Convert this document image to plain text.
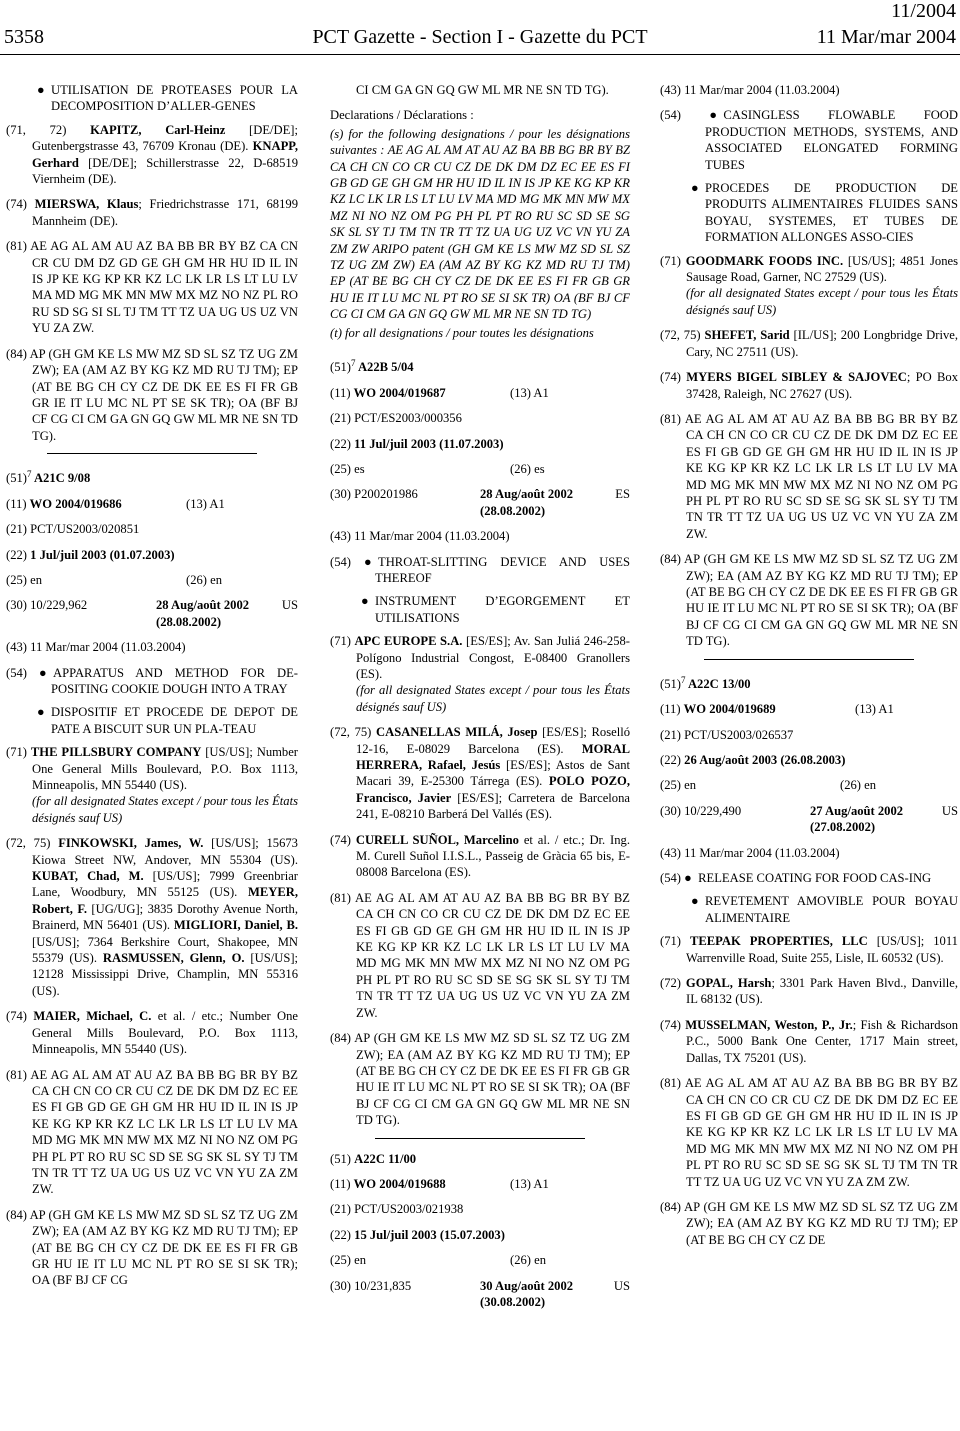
11/2004
5358	PCT Gazette - Section I - Gazette du PCT	11 Mar/mar 2004

● UTILISATION DE PROTEASES POUR LA DECOMPOSITION D’ALLER-GENES

(71, 72) KAPITZ, Carl-Heinz [DE/DE]; Gutenbergstrasse 43, 76709 Kronau (DE). KNAPP, Gerhard [DE/DE]; Schillerstrasse 22, D-68519 Viernheim (DE).

(74) MIERSWA, Klaus; Friedrichstrasse 171, 68199 Mannheim (DE).

(81) AE AG AL AM AU AZ BA BB BR BY BZ CA CN CR CU DM DZ GD GE GH GM HR HU ID IL IN IS JP KE KG KP KR KZ LC LK LR LS LT LU LV MA MD MG MK MN MW MX MZ NO NZ PL RO RU SD SG SI SL TJ TM TT TZ UA UG US UZ VN YU ZA ZW.

(84) AP (GH GM KE LS MW MZ SD SL SZ TZ UG ZM ZW); EA (AM AZ BY KG KZ MD RU TJ TM); EP (AT BE BG CH CY CZ DE DK EE ES FI FR GB GR IE IT LU MC NL PT SE SK TR); OA (BF BJ CF CG CI CM GA GN GQ GW ML MR NE SN TD TG).

$(51)^7$ A21C 9/08

(11) WO 2004/019686	(13) A1

(21) PCT/US2003/020851

(22) 1 Jul/juil 2003 (01.07.2003)

(25) en	(26) en
(30) 10/229,962	28 Aug/août 2002 (28.08.2002)
US

(43) 11 Mar/mar 2004 (11.03.2004)

(54) ● APPARATUS AND METHOD FOR DE-POSITING COOKIE DOUGH INTO A TRAY

● DISPOSITIF ET PROCEDE DE DEPOT DE PATE A BISCUIT SUR UN PLA-TEAU

(71) THE PILLSBURY COMPANY [US/US]; Number One General Mills Boulevard, P.O. Box 1113, Minneapolis, MN 55440 (US).
(for all designated States except / pour tous les États désignés sauf US)

(72, 75) FINKOWSKI, James, W. [US/US]; 15673 Kiowa Street NW, Andover, MN 55304 (US). KUBAT, Chad, M. [US/US]; 7999 Greenbriar Lane, Woodbury, MN 55125 (US). MEYER, Robert, F. [UG/UG]; 3835 Dorothy Avenue North, Brainerd, MN 56401 (US). MIGLIORI, Daniel, B. [US/US]; 7364 Berkshire Court, Shakopee, MN 55379 (US). RASMUSSEN, Glenn, O. [US/US]; 12128 Mississippi Drive, Champlin, MN 55316 (US).

(74) MAIER, Michael, C. et al. / etc.; Number One General Mills Boulevard, P.O. Box 1113, Minneapolis, MN 55440 (US).

(81) AE AG AL AM AT AU AZ BA BB BG BR BY BZ CA CH CN CO CR CU CZ DE DK DM DZ EC EE ES FI GB GD GE GH GM HR HU ID IL IN IS JP KE KG KP KR KZ LC LK LR LS LT LU LV MA MD MG MK MN MW MX MZ NI NO NZ OM PG PH PL PT RO RU SC SD SE SG SK SL SY TJ TM TN TR TT TZ UA UG US UZ VC VN YU ZA ZM ZW.

(84) AP (GH GM KE LS MW MZ SD SL SZ TZ UG ZM ZW); EA (AM AZ BY KG KZ MD RU TJ TM); EP (AT BE BG CH CY CZ DE DK EE ES FI FR GB GR HU IE IT LU MC NL PT RO SE SI SK TR); OA (BF BJ CF CG

CI CM GA GN GQ GW ML MR NE SN TD TG).

Declarations / Déclarations :

(s) for the following designations / pour les désignations suivantes : AE AG AL AM AT AU AZ BA BB BG BR BY BZ CA CH CN CO CR CU CZ DE DK DM DZ EC EE ES FI GB GD GE GH GM HR HU ID IL IN IS JP KE KG KP KR KZ LC LK LR LS LT LU LV MA MD MG MK MN MW MX MZ NI NO NZ OM PG PH PL PT RO RU SC SD SE SG SK SL SY TJ TM TN TR TT TZ UA UG UZ VC VN YU ZA ZM ZW ARIPO patent (GH GM KE LS MW MZ SD SL SZ TZ UG ZM ZW) EA (AM AZ BY KG KZ MD RU TJ TM) EP (AT BE BG CH CY CZ DE DK EE ES FI FR GB GR HU IE IT LU MC NL PT RO SE SI SK TR) OA (BF BJ CF CG CI CM GA GN GQ GW ML MR NE SN TD TG)

(t) for all designations / pour toutes les désignations

$(51)^7$ A22B 5/04

(11) WO 2004/019687	(13) A1

(21) PCT/ES2003/000356

(22) 11 Jul/juil 2003 (11.07.2003)

(25) es	(26) es
(30) P200201986	28 Aug/août 2002 (28.08.2002)
ES

(43) 11 Mar/mar 2004 (11.03.2004)

(54) ● THROAT-SLITTING DEVICE AND USES THEREOF

● INSTRUMENT D’EGORGEMENT ET UTILISATIONS

(71) APC EUROPE S.A. [ES/ES]; Av. San Juliá 246-258-Polígono Industrial Congost, E-08400 Granollers (ES).
(for all designated States except / pour tous les États désignés sauf US)

(72, 75) CASANELLAS MILÁ, Josep [ES/ES]; Roselló 12-16, E-08029 Barcelona (ES). MORAL HERRERA, Rafael, Jesús [ES/ES]; Astos de Sant Macari 39, E-25300 Tárrega (ES). POLO POZO, Francisco, Javier [ES/ES]; Carretera de Barcelona 241, E-08210 Barberá Del Vallés (ES).

(74) CURELL SUÑOL, Marcelino et al. / etc.; Dr. Ing. M. Curell Suñol I.I.S.L., Passeig de Gràcia 65 bis, E-08008 Barcelona (ES).

(81) AE AG AL AM AT AU AZ BA BB BG BR BY BZ CA CH CN CO CR CU CZ DE DK DM DZ EC EE ES FI GB GD GE GH GM HR HU ID IL IN IS JP KE KG KP KR KZ LC LK LR LS LT LU LV MA MD MG MK MN MW MX MZ NI NO NZ OM PG PH PL PT RO RU SC SD SE SG SK SL SY TJ TM TN TR TT TZ UA UG US UZ VC VN YU ZA ZM ZW.

(84) AP (GH GM KE LS MW MZ SD SL SZ TZ UG ZM ZW); EA (AM AZ BY KG KZ MD RU TJ TM); EP (AT BE BG CH CY CZ DE DK EE ES FI FR GB GR HU IE IT LU MC NL PT RO SE SI SK TR); OA (BF BJ CF CG CI CM GA GN GQ GW ML MR NE SN TD TG).

(51) A22C 11/00

(11) WO 2004/019688	(13) A1

(21) PCT/US2003/021938

(22) 15 Jul/juil 2003 (15.07.2003)

(25) en	(26) en
(30) 10/231,835	30 Aug/août 2002 (30.08.2002)
US

(43) 11 Mar/mar 2004 (11.03.2004)

(54) ● CASINGLESS FLOWABLE FOOD PRODUCTION METHODS, SYSTEMS, AND ASSOCIATED ELONGATED FORMING TUBES

● PROCEDES DE PRODUCTION DE PRODUITS ALIMENTAIRES FLUIDES SANS BOYAU, SYSTEMES, ET TUBES DE FORMATION ALLONGES ASSO-CIES

(71) GOODMARK FOODS INC. [US/US]; 4851 Jones Sausage Road, Garner, NC 27529 (US).
(for all designated States except / pour tous les États désignés sauf US)

(72, 75) SHEFET, Sarid [IL/US]; 200 Longbridge Drive, Cary, NC 27511 (US).

(74) MYERS BIGEL SIBLEY & SAJOVEC; PO Box 37428, Raleigh, NC 27627 (US).

(81) AE AG AL AM AT AU AZ BA BB BG BR BY BZ CA CH CN CO CR CU CZ DE DK DM DZ EC EE ES FI GB GD GE GH GM HR HU ID IL IN IS JP KE KG KP KR KZ LC LK LR LS LT LU LV MA MD MG MK MN MW MX MZ NI NO NZ OM PG PH PL PT RO RU SC SD SE SG SK SL SY TJ TM TN TR TT TZ UA UG US UZ VC VN YU ZA ZM ZW.

(84) AP (GH GM KE LS MW MZ SD SL SZ TZ UG ZM ZW); EA (AM AZ BY KG KZ MD RU TJ TM); EP (AT BE BG CH CY CZ DE DK EE ES FI FR GB GR HU IE IT LU MC NL PT RO SE SI SK TR); OA (BF BJ CF CG CI CM GA GN GQ GW ML MR NE SN TD TG).

$(51)^7$ A22C 13/00

(11) WO 2004/019689	(13) A1

(21) PCT/US2003/026537

(22) 26 Aug/août 2003 (26.08.2003)

(25) en	(26) en
(30) 10/229,490	27 Aug/août 2002 (27.08.2002)
US

(43) 11 Mar/mar 2004 (11.03.2004)

(54) ● RELEASE COATING FOR FOOD CAS-ING

● REVETEMENT AMOVIBLE POUR BOYAU ALIMENTAIRE

(71) TEEPAK PROPERTIES, LLC [US/US]; 1011 Warrenville Road, Suite 255, Lisle, IL 60532 (US).

(72) GOPAL, Harsh; 3301 Park Haven Blvd., Danville, IL 68132 (US).

(74) MUSSELMAN, Weston, P., Jr.; Fish & Richardson P.C., 5000 Bank One Center, 1717 Main street, Dallas, TX 75201 (US).

(81) AE AG AL AM AT AU AZ BA BB BG BR BY BZ CA CH CN CO CR CU CZ DE DK DM DZ EC EE ES FI GB GD GE GH GM HR HU ID IL IN IS JP KE KG KP KR KZ LC LK LR LS LT LU LV MA MD MG MK MN MW MX MZ NI NO NZ OM PH PL PT RO RU SC SD SE SG SK SL TJ TM TN TR TT TZ UA UG UZ VC VN YU ZA ZM ZW.

(84) AP (GH GM KE LS MW MZ SD SL SZ TZ UG ZM ZW); EA (AM AZ BY KG KZ MD RU TJ TM); EP (AT BE BG CH CY CZ DE
